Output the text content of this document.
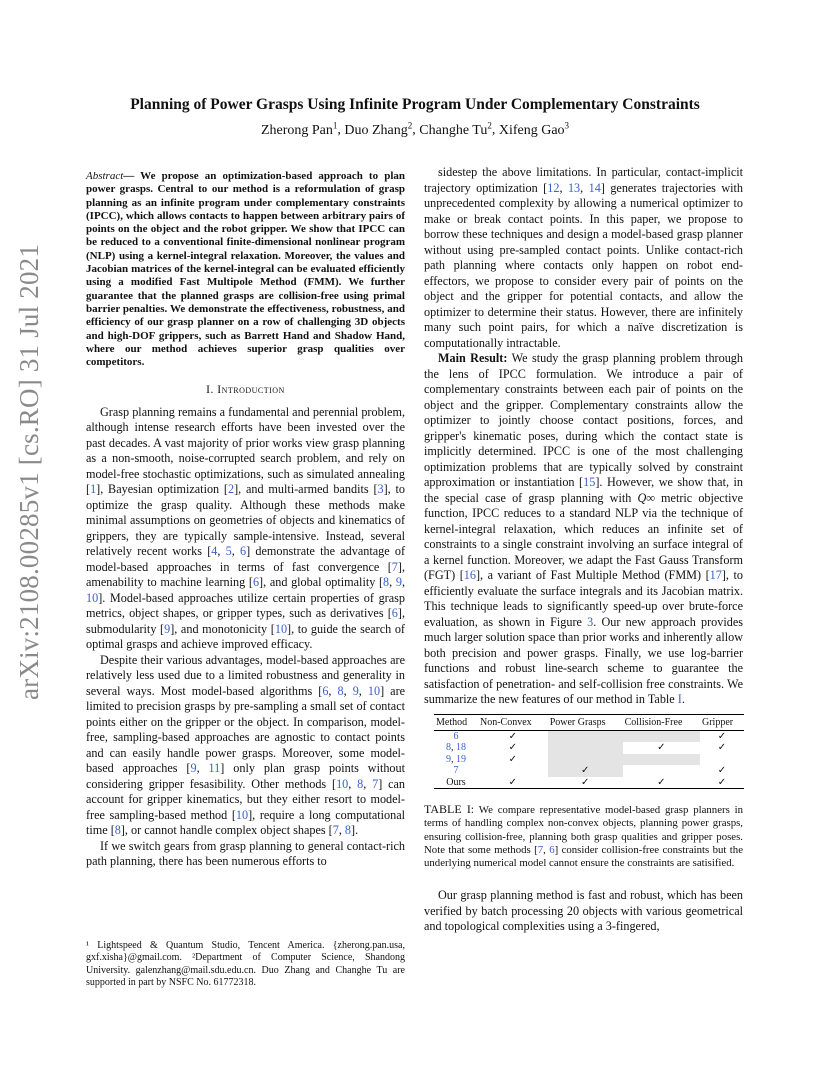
arXiv:2108.00285v1 [cs.RO] 31 Jul 2021
Planning of Power Grasps Using Infinite Program Under Complementary Constraints
Zherong Pan$^1$, Duo Zhang$^2$, Changhe Tu$^2$, Xifeng Gao$^3$

Abstract— We propose an optimization-based approach to plan power grasps. Central to our method is a reformulation of grasp planning as an infinite program under complementary constraints (IPCC), which allows contacts to happen between arbitrary pairs of points on the object and the robot gripper. We show that IPCC can be reduced to a conventional finite-dimensional nonlinear program (NLP) using a kernel-integral relaxation. Moreover, the values and Jacobian matrices of the kernel-integral can be evaluated efficiently using a modified Fast Multipole Method (FMM). We further guarantee that the planned grasps are collision-free using primal barrier penalties. We demonstrate the effectiveness, robustness, and efficiency of our grasp planner on a row of challenging 3D objects and high-DOF grippers, such as Barrett Hand and Shadow Hand, where our method achieves superior grasp qualities over competitors.

I. Introduction

Grasp planning remains a fundamental and perennial problem, although intense research efforts have been invested over the past decades. A vast majority of prior works view grasp planning as a non-smooth, noise-corrupted search problem, and rely on model-free stochastic optimizations, such as simulated annealing [1], Bayesian optimization [2], and multi-armed bandits [3], to optimize the grasp quality. Although these methods make minimal assumptions on geometries of objects and kinematics of grippers, they are typically sample-intensive. Instead, several relatively recent works [4, 5, 6] demonstrate the advantage of model-based approaches in terms of fast convergence [7], amenability to machine learning [6], and global optimality [8, 9, 10]. Model-based approaches utilize certain properties of grasp metrics, object shapes, or gripper types, such as derivatives [6], submodularity [9], and monotonicity [10], to guide the search of optimal grasps and achieve improved efficacy.

Despite their various advantages, model-based approaches are relatively less used due to a limited robustness and generality in several ways. Most model-based algorithms [6, 8, 9, 10] are limited to precision grasps by pre-sampling a small set of contact points either on the gripper or the object. In comparison, model-free, sampling-based approaches are agnostic to contact points and can easily handle power grasps. Moreover, some model-based approaches [9, 11] only plan grasp points without considering gripper fesasibility. Other methods [10, 8, 7] can account for gripper kinematics, but they either resort to model-free sampling-based method [10], require a long computational time [8], or cannot handle complex object shapes [7, 8].

If we switch gears from grasp planning to general contact-rich path planning, there has been numerous efforts to

¹ Lightspeed & Quantum Studio, Tencent America. {zherong.pan.usa, gxf.xisha}@gmail.com. ²Department of Computer Science, Shandong University. galenzhang@mail.sdu.edu.cn. Duo Zhang and Changhe Tu are supported in part by NSFC No. 61772318.

sidestep the above limitations. In particular, contact-implicit trajectory optimization [12, 13, 14] generates trajectories with unprecedented complexity by allowing a numerical optimizer to make or break contact points. In this paper, we propose to borrow these techniques and design a model-based grasp planner without using pre-sampled contact points. Unlike contact-rich path planning where contacts only happen on robot end-effectors, we propose to consider every pair of points on the object and the gripper for potential contacts, and allow the optimizer to determine their status. However, there are infinitely many such point pairs, for which a naïve discretization is computationally intractable.

Main Result: We study the grasp planning problem through the lens of IPCC formulation. We introduce a pair of complementary constraints between each pair of points on the object and the gripper. Complementary constraints allow the optimizer to jointly choose contact positions, forces, and gripper's kinematic poses, during which the contact state is implicitly determined. IPCC is one of the most challenging optimization problems that are typically solved by constraint approximation or instantiation [15]. However, we show that, in the special case of grasp planning with Q∞ metric objective function, IPCC reduces to a standard NLP via the technique of kernel-integral relaxation, which reduces an infinite set of constraints to a single constraint involving an surface integral of a kernel function. Moreover, we adapt the Fast Gauss Transform (FGT) [16], a variant of Fast Multiple Method (FMM) [17], to efficiently evaluate the surface integrals and its Jacobian matrix. This technique leads to significantly speed-up over brute-force evaluation, as shown in Figure 3. Our new approach provides much larger solution space than prior works and inherently allow both precision and power grasps. Finally, we use log-barrier functions and robust line-search scheme to guarantee the satisfaction of penetration- and self-collision free constraints. We summarize the new features of our method in Table I.

Method	Non-Convex	Power Grasps	Collision-Free	Gripper
6	✓			✓
8, 18	✓		✓	✓
9, 19	✓			
7		✓		✓
Ours	✓	✓	✓	✓
TABLE I: We compare representative model-based grasp planners in terms of handling complex non-convex objects, planning power grasps, ensuring collision-free, planning both grasp qualities and gripper poses. Note that some methods [7, 6] consider collision-free constraints but the underlying numerical model cannot ensure the constraints are satisified.

Our grasp planning method is fast and robust, which has been verified by batch processing 20 objects with various geometrical and topological complexities using a 3-fingered,
